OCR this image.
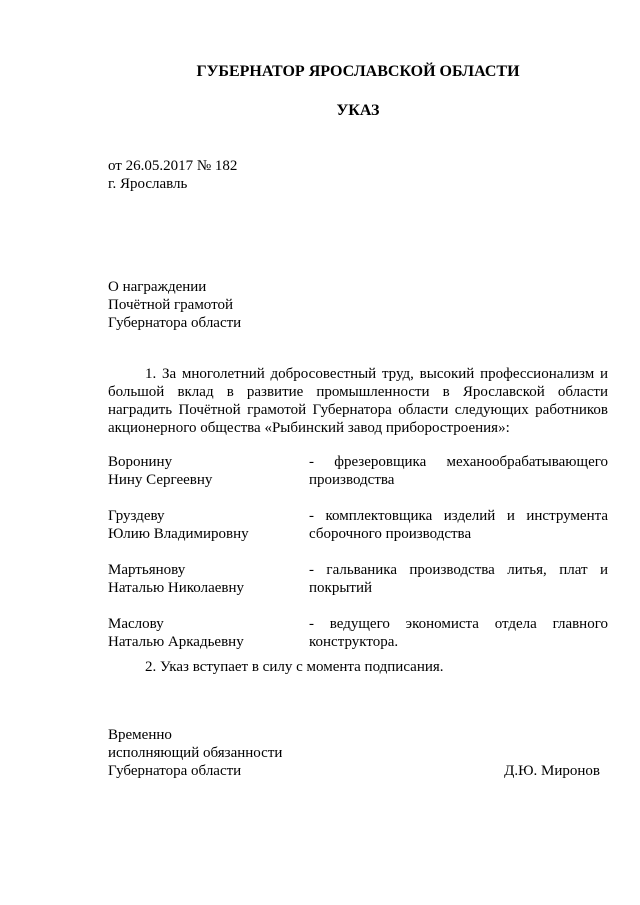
ГУБЕРНАТОР ЯРОСЛАВСКОЙ ОБЛАСТИ
УКАЗ
от 26.05.2017 № 182
г. Ярославль
О награждении
Почётной грамотой
Губернатора области
1. За многолетний добросовестный труд, высокий профессионализм и большой вклад в развитие промышленности в Ярославской области наградить Почётной грамотой Губернатора области следующих работников акционерного общества «Рыбинский завод приборостроения»:
Воронину
Нину Сергеевну
- фрезеровщика механообрабатывающего производства
Груздеву
Юлию Владимировну
- комплектовщика изделий и инструмента сборочного производства
Мартьянову
Наталью Николаевну
- гальваника производства литья, плат и покрытий
Маслову
Наталью Аркадьевну
- ведущего экономиста отдела главного конструктора.
2. Указ вступает в силу с момента подписания.
Временно
исполняющий обязанности
Губернатора области	Д.Ю. Миронов
